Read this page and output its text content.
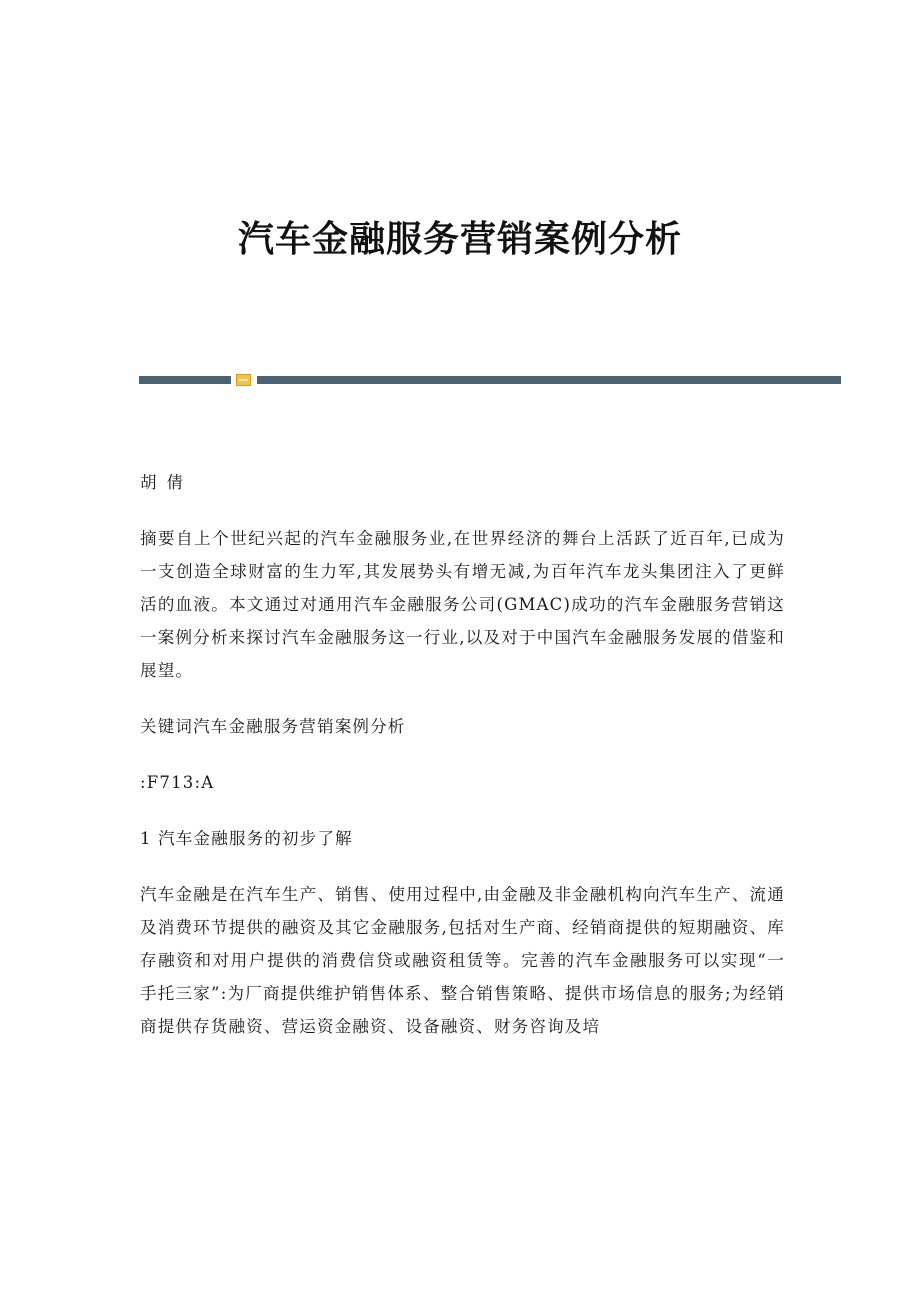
汽车金融服务营销案例分析

胡倩

摘要自上个世纪兴起的汽车金融服务业,在世界经济的舞台上活跃了近百年,已成为一支创造全球财富的生力军,其发展势头有增无减,为百年汽车龙头集团注入了更鲜活的血液。本文通过对通用汽车金融服务公司(GMAC)成功的汽车金融服务营销这一案例分析来探讨汽车金融服务这一行业,以及对于中国汽车金融服务发展的借鉴和展望。

关键词汽车金融服务营销案例分析

:F713:A

1 汽车金融服务的初步了解

汽车金融是在汽车生产、销售、使用过程中,由金融及非金融机构向汽车生产、流通及消费环节提供的融资及其它金融服务,包括对生产商、经销商提供的短期融资、库存融资和对用户提供的消费信贷或融资租赁等。完善的汽车金融服务可以实现“一手托三家”:为厂商提供维护销售体系、整合销售策略、提供市场信息的服务;为经销商提供存货融资、营运资金融资、设备融资、财务咨询及培
